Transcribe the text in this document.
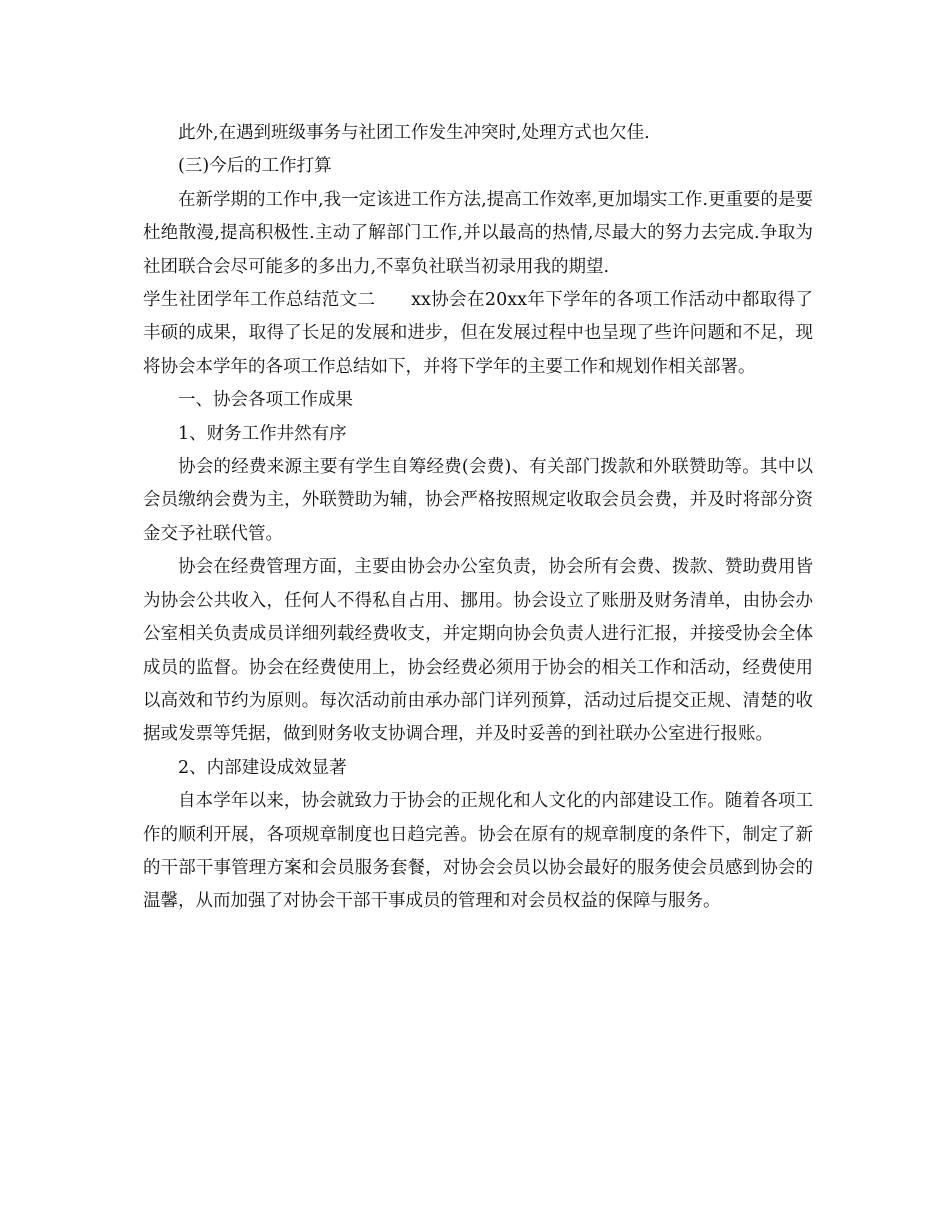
此外,在遇到班级事务与社团工作发生冲突时,处理方式也欠佳.

(三)今后的工作打算

在新学期的工作中,我一定该进工作方法,提高工作效率,更加塌实工作.更重要的是要杜绝散漫,提高积极性.主动了解部门工作,并以最高的热情,尽最大的努力去完成.争取为社团联合会尽可能多的多出力,不辜负社联当初录用我的期望.

学生社团学年工作总结范文二　　xx协会在20xx年下学年的各项工作活动中都取得了丰硕的成果，取得了长足的发展和进步，但在发展过程中也呈现了些许问题和不足，现将协会本学年的各项工作总结如下，并将下学年的主要工作和规划作相关部署。

一、协会各项工作成果

1、财务工作井然有序

协会的经费来源主要有学生自筹经费(会费)、有关部门拨款和外联赞助等。其中以会员缴纳会费为主，外联赞助为辅，协会严格按照规定收取会员会费，并及时将部分资金交予社联代管。

协会在经费管理方面，主要由协会办公室负责，协会所有会费、拨款、赞助费用皆为协会公共收入，任何人不得私自占用、挪用。协会设立了账册及财务清单，由协会办公室相关负责成员详细列载经费收支，并定期向协会负责人进行汇报，并接受协会全体成员的监督。协会在经费使用上，协会经费必须用于协会的相关工作和活动，经费使用以高效和节约为原则。每次活动前由承办部门详列预算，活动过后提交正规、清楚的收据或发票等凭据，做到财务收支协调合理，并及时妥善的到社联办公室进行报账。

2、内部建设成效显著

自本学年以来，协会就致力于协会的正规化和人文化的内部建设工作。随着各项工作的顺利开展，各项规章制度也日趋完善。协会在原有的规章制度的条件下，制定了新的干部干事管理方案和会员服务套餐，对协会会员以协会最好的服务使会员感到协会的温馨，从而加强了对协会干部干事成员的管理和对会员权益的保障与服务。
